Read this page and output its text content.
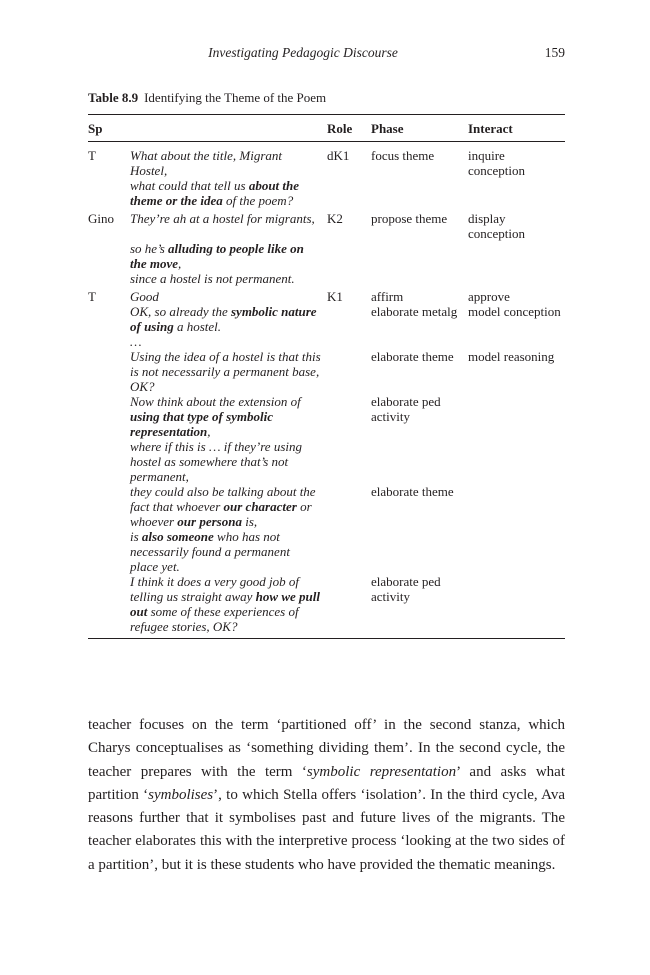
Investigating Pedagogic Discourse	159
Table 8.9 Identifying the Theme of the Poem
Sp		Role	Phase	Interact
T	What about the title, Migrant Hostel,	dK1	focus theme	inquire conception
	what could that tell us about the theme or the idea of the poem?			
Gino	They’re ah at a hostel for migrants,	K2	propose theme	display conception
	so he’s alluding to people like on the move,			
	since a hostel is not permanent.			
T	Good	K1	affirm	approve
	OK, so already the symbolic nature of using a hostel.		elaborate metalg	model conception
	…			
	Using the idea of a hostel is that this is not necessarily a permanent base, OK?		elaborate theme	model reasoning
	Now think about the extension of using that type of symbolic representation,		elaborate ped activity	
	where if this is … if they’re using hostel as somewhere that’s not permanent,			
	they could also be talking about the fact that whoever our character or whoever our persona is,		elaborate theme	
	is also someone who has not necessarily found a permanent place yet.			
	I think it does a very good job of telling us straight away how we pull out some of these experiences of refugee stories, OK?		elaborate ped activity	

teacher focuses on the term ‘partitioned off’ in the second stanza, which Charys conceptualises as ‘something dividing them’. In the second cycle, the teacher prepares with the term ‘symbolic representation’ and asks what partition ‘symbolises’, to which Stella offers ‘isolation’. In the third cycle, Ava reasons further that it symbolises past and future lives of the migrants. The teacher elaborates this with the interpretive process ‘looking at the two sides of a partition’, but it is these students who have provided the thematic meanings.
